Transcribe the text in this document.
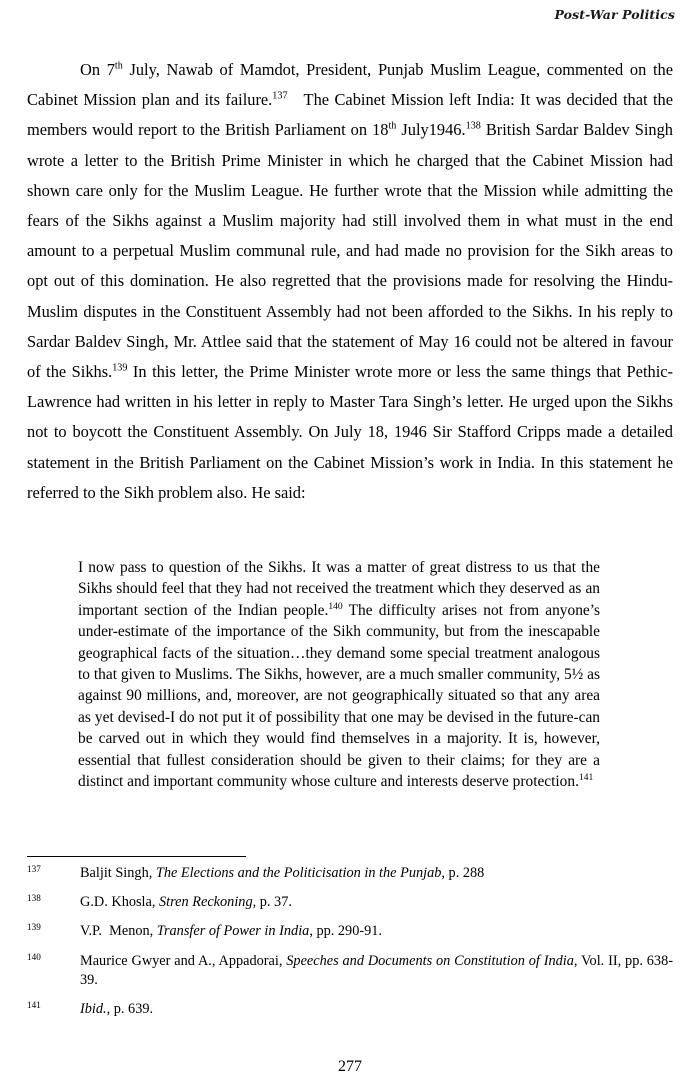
Post-War Politics

On 7th July, Nawab of Mamdot, President, Punjab Muslim League, commented on the Cabinet Mission plan and its failure.$^{137}$   The Cabinet Mission left India: It was decided that the members would report to the British Parliament on 18th July1946.$^{138}$ British Sardar Baldev Singh wrote a letter to the British Prime Minister in which he charged that the Cabinet Mission had shown care only for the Muslim League. He further wrote that the Mission while admitting the fears of the Sikhs against a Muslim majority had still involved them in what must in the end amount to a perpetual Muslim communal rule, and had made no provision for the Sikh areas to opt out of this domination. He also regretted that the provisions made for resolving the Hindu-Muslim disputes in the Constituent Assembly had not been afforded to the Sikhs. In his reply to Sardar Baldev Singh, Mr. Attlee said that the statement of May 16 could not be altered in favour of the Sikhs.$^{139}$ In this letter, the Prime Minister wrote more or less the same things that Pethic-Lawrence had written in his letter in reply to Master Tara Singh’s letter. He urged upon the Sikhs not to boycott the Constituent Assembly. On July 18, 1946 Sir Stafford Cripps made a detailed statement in the British Parliament on the Cabinet Mission’s work in India. In this statement he referred to the Sikh problem also. He said:

I now pass to question of the Sikhs. It was a matter of great distress to us that the Sikhs should feel that they had not received the treatment which they deserved as an important section of the Indian people.$^{140}$ The difficulty arises not from anyone’s under-estimate of the importance of the Sikh community, but from the inescapable geographical facts of the situation…they demand some special treatment analogous to that given to Muslims. The Sikhs, however, are a much smaller community, 5½ as against 90 millions, and, moreover, are not geographically situated so that any area as yet devised-I do not put it of possibility that one may be devised in the future-can be carved out in which they would find themselves in a majority. It is, however, essential that fullest consideration should be given to their claims; for they are a distinct and important community whose culture and interests deserve protection.$^{141}$

137	Baljit Singh, The Elections and the Politicisation in the Punjab, p. 288
138	G.D. Khosla, Stren Reckoning, p. 37.
139	V.P.  Menon, Transfer of Power in India, pp. 290-91.
140	Maurice Gwyer and A., Appadorai, Speeches and Documents on Constitution of India, Vol. II, pp. 638-39.
141	Ibid., p. 639.
277
